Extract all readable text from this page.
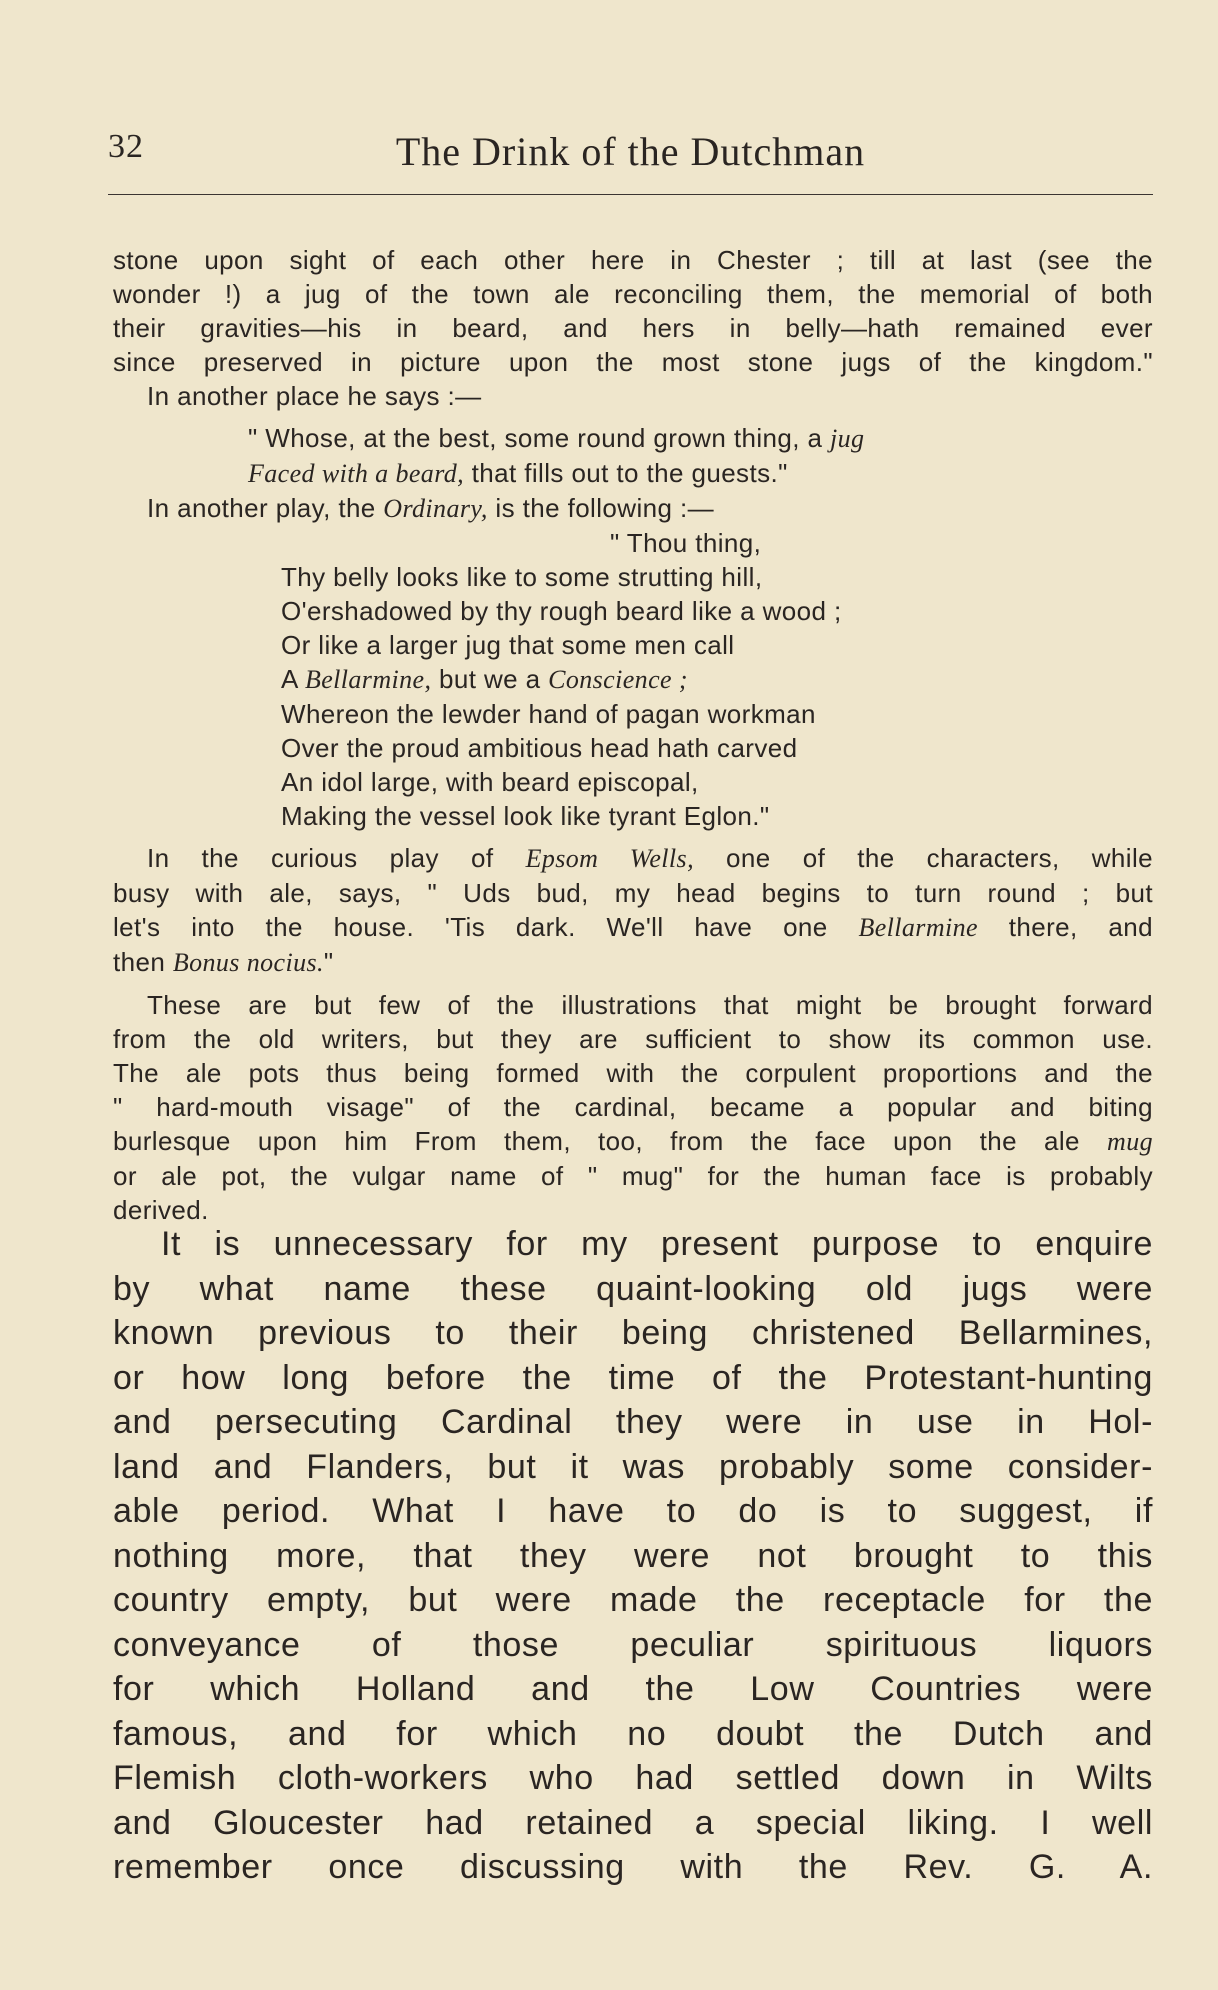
32	The Drink of the Dutchman

stone upon sight of each other here in Chester ; till at last (see the

wonder !) a jug of the town ale reconciling them, the memorial of both

their gravities—his in beard, and hers in belly—hath remained ever

since preserved in picture upon the most stone jugs of the kingdom."

In another place he says :—

" Whose, at the best, some round grown thing, a jug

Faced with a beard, that fills out to the guests."

In another play, the Ordinary, is the following :—

" Thou thing,

Thy belly looks like to some strutting hill,

O'ershadowed by thy rough beard like a wood ;

Or like a larger jug that some men call

A Bellarmine, but we a Conscience ;

Whereon the lewder hand of pagan workman

Over the proud ambitious head hath carved

An idol large, with beard episcopal,

Making the vessel look like tyrant Eglon."

In the curious play of Epsom Wells, one of the characters, while

busy with ale, says, " Uds bud, my head begins to turn round ; but

let's into the house. 'Tis dark. We'll have one Bellarmine there, and

then Bonus nocius."

These are but few of the illustrations that might be brought forward

from the old writers, but they are sufficient to show its common use.

The ale pots thus being formed with the corpulent proportions and the

" hard-mouth visage" of the cardinal, became a popular and biting

burlesque upon him From them, too, from the face upon the ale mug

or ale pot, the vulgar name of " mug" for the human face is probably

derived.

It is unnecessary for my present purpose to enquire
by what name these quaint-looking old jugs were
known previous to their being christened Bellarmines,
or how long before the time of the Protestant-hunting
and persecuting Cardinal they were in use in Hol-
land and Flanders, but it was probably some consider-
able period. What I have to do is to suggest, if
nothing more, that they were not brought to this
country empty, but were made the receptacle for the
conveyance of those peculiar spirituous liquors
for which Holland and the Low Countries were
famous, and for which no doubt the Dutch and
Flemish cloth-workers who had settled down in Wilts
and Gloucester had retained a special liking. I well
remember once discussing with the Rev. G. A.
